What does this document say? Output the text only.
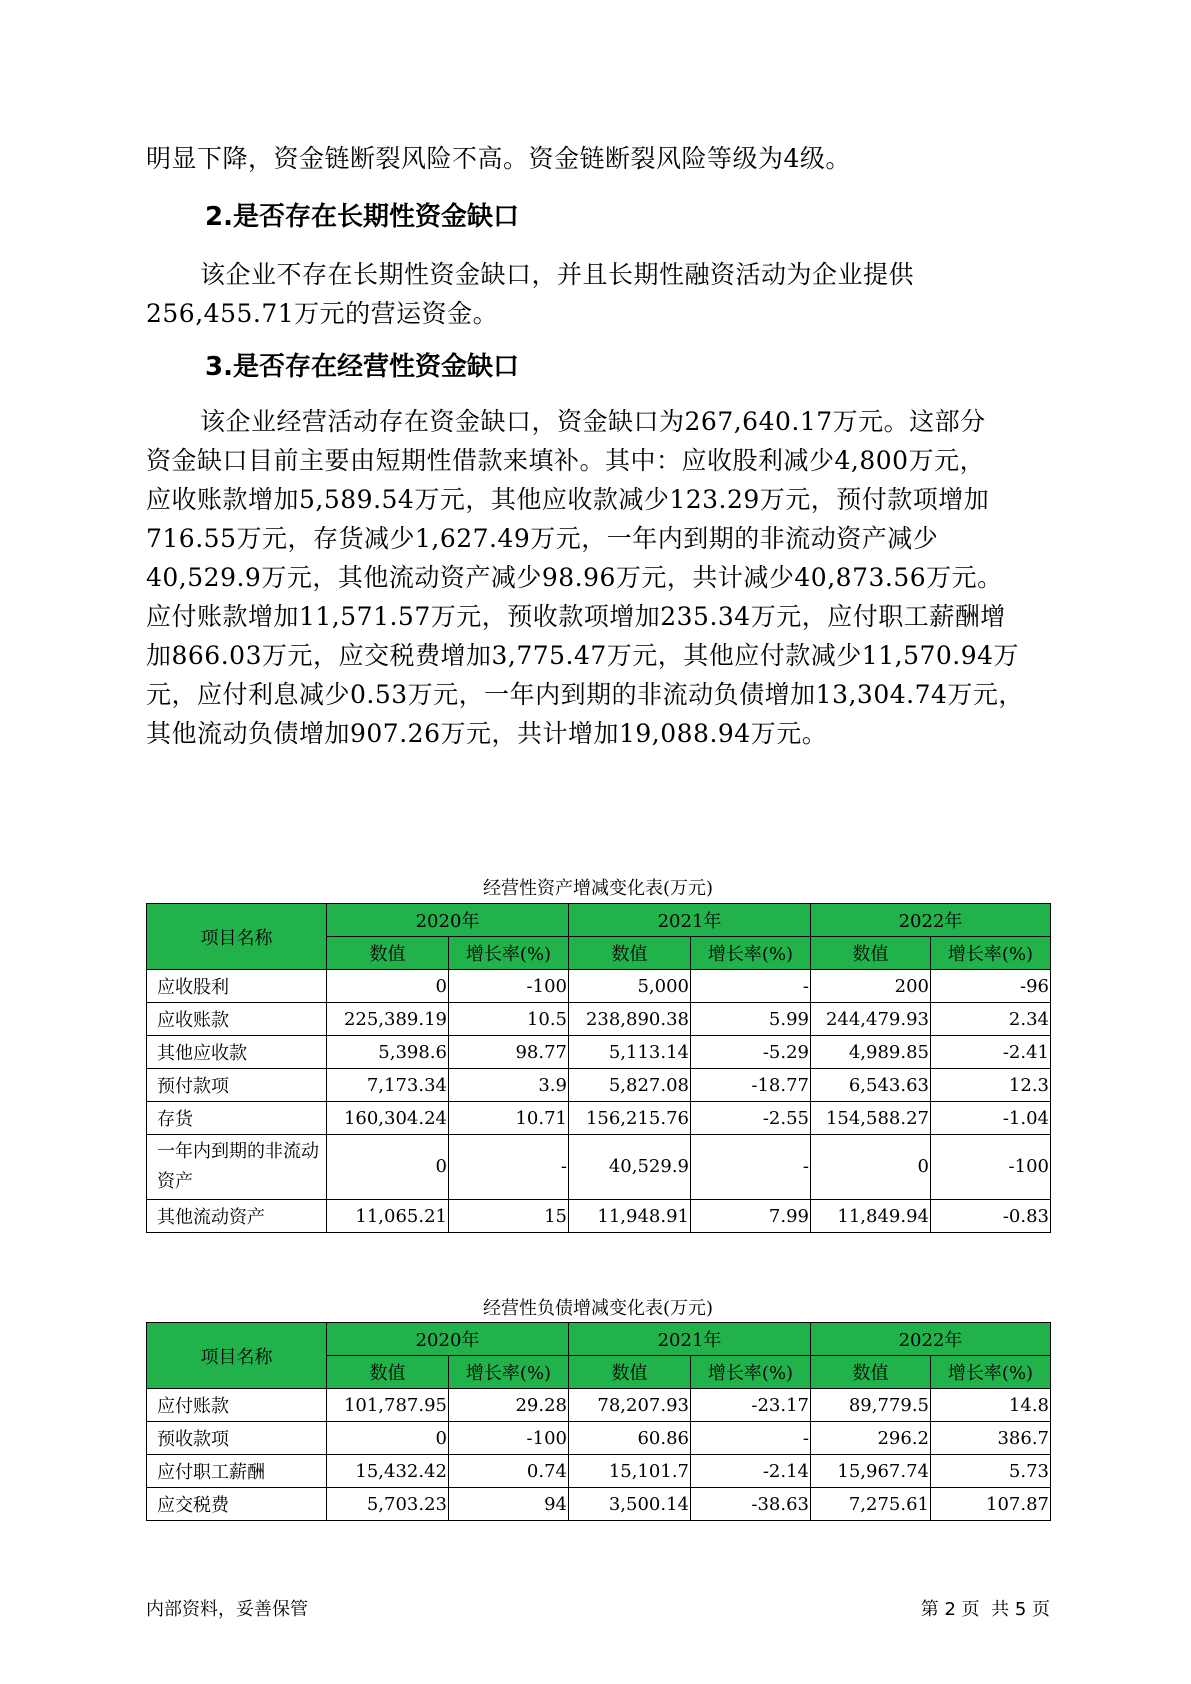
明显下降，资金链断裂风险不高。资金链断裂风险等级为4级。

2.是否存在长期性资金缺口

该企业不存在长期性资金缺口，并且长期性融资活动为企业提供
256,455.71万元的营运资金。

3.是否存在经营性资金缺口

该企业经营活动存在资金缺口，资金缺口为267,640.17万元。这部分
资金缺口目前主要由短期性借款来填补。其中：应收股利减少4,800万元，
应收账款增加5,589.54万元，其他应收款减少123.29万元，预付款项增加
716.55万元，存货减少1,627.49万元，一年内到期的非流动资产减少
40,529.9万元，其他流动资产减少98.96万元，共计减少40,873.56万元。
应付账款增加11,571.57万元，预收款项增加235.34万元，应付职工薪酬增
加866.03万元，应交税费增加3,775.47万元，其他应付款减少11,570.94万
元，应付利息减少0.53万元，一年内到期的非流动负债增加13,304.74万元，
其他流动负债增加907.26万元，共计增加19,088.94万元。

经营性资产增减变化表(万元)

项目名称	2020年		2021年		2022年	
	数值	增长率(%)	数值	增长率(%)	数值	增长率(%)
应收股利	0	-100	5,000	-	200	-96
应收账款	225,389.19	10.5	238,890.38	5.99	244,479.93	2.34
其他应收款	5,398.6	98.77	5,113.14	-5.29	4,989.85	-2.41
预付款项	7,173.34	3.9	5,827.08	-18.77	6,543.63	12.3
存货	160,304.24	10.71	156,215.76	-2.55	154,588.27	-1.04
一年内到期的非流动资产	0	-	40,529.9	-	0	-100
其他流动资产	11,065.21	15	11,948.91	7.99	11,849.94	-0.83

经营性负债增减变化表(万元)

项目名称	2020年		2021年		2022年	
	数值	增长率(%)	数值	增长率(%)	数值	增长率(%)
应付账款	101,787.95	29.28	78,207.93	-23.17	89,779.5	14.8
预收款项	0	-100	60.86	-	296.2	386.7
应付职工薪酬	15,432.42	0.74	15,101.7	-2.14	15,967.74	5.73
应交税费	5,703.23	94	3,500.14	-38.63	7,275.61	107.87

内部资料，妥善保管	第 2 页  共 5 页
